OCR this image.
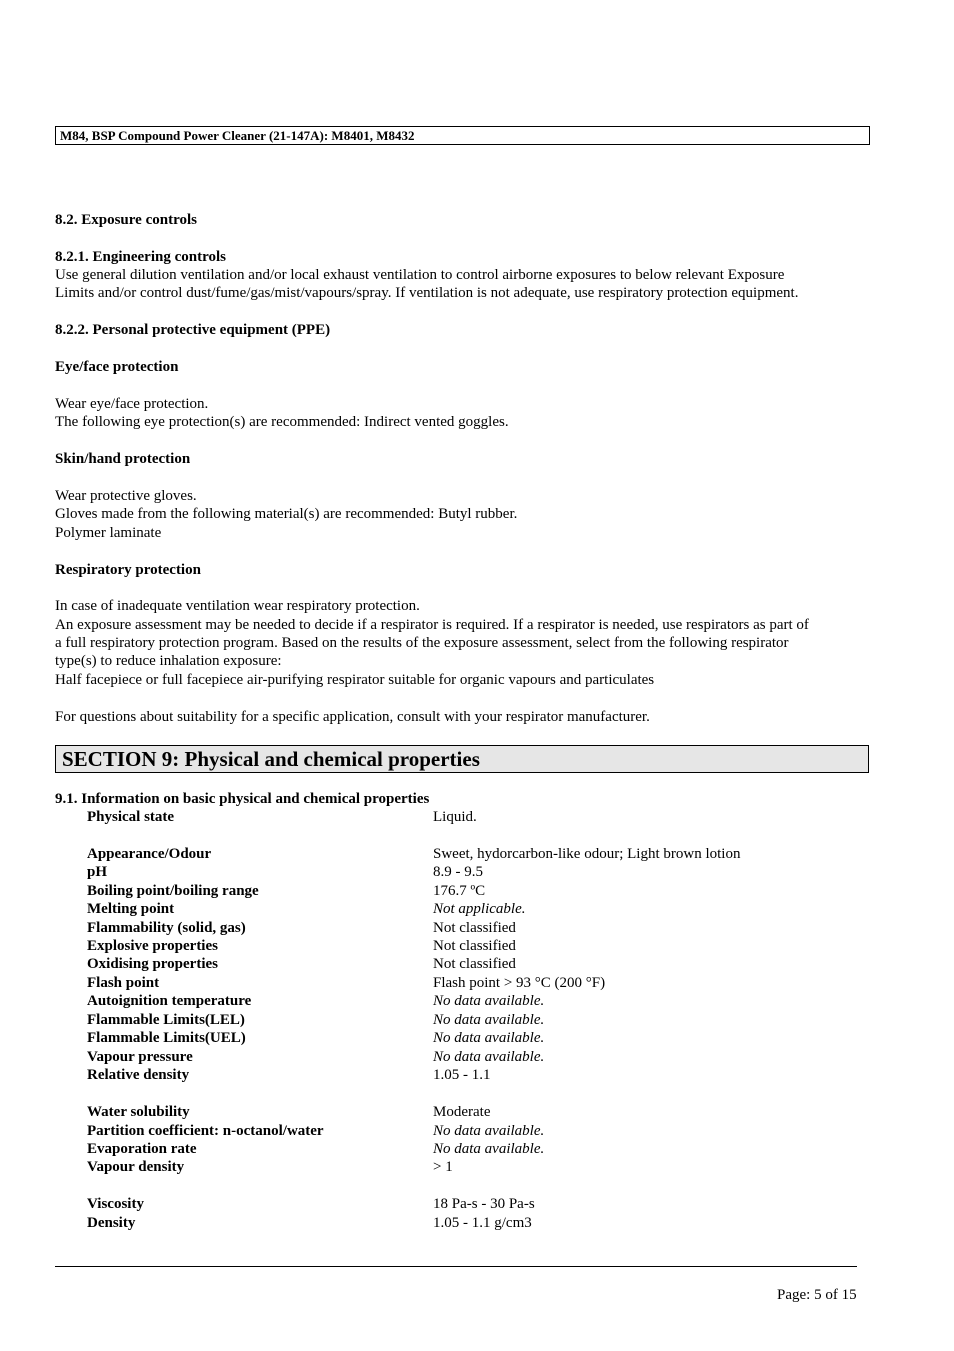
M84, BSP Compound Power Cleaner (21-147A): M8401, M8432
8.2. Exposure controls
8.2.1. Engineering controls
Use general dilution ventilation and/or local exhaust ventilation to control airborne exposures to below relevant Exposure
Limits and/or control dust/fume/gas/mist/vapours/spray. If ventilation is not adequate, use respiratory protection equipment.
8.2.2. Personal protective equipment (PPE)
Eye/face protection
Wear eye/face protection.
The following eye protection(s) are recommended: Indirect vented goggles.
Skin/hand protection
Wear protective gloves.
Gloves made from the following material(s) are recommended: Butyl rubber.
Polymer laminate
Respiratory protection
In case of inadequate ventilation wear respiratory protection.
An exposure assessment may be needed to decide if a respirator is required. If a respirator is needed, use respirators as part of
a full respiratory protection program. Based on the results of the exposure assessment, select from the following respirator
type(s) to reduce inhalation exposure:
Half facepiece or full facepiece air-purifying respirator suitable for organic vapours and particulates
For questions about suitability for a specific application, consult with your respirator manufacturer.
SECTION 9: Physical and chemical properties
9.1. Information on basic physical and chemical properties
Physical state	Liquid.
Appearance/Odour	Sweet, hydorcarbon-like odour; Light brown lotion
pH	8.9 - 9.5
Boiling point/boiling range	176.7 ºC
Melting point	Not applicable.
Flammability (solid, gas)	Not classified
Explosive properties	Not classified
Oxidising properties	Not classified
Flash point	Flash point > 93 °C (200 °F)
Autoignition temperature	No data available.
Flammable Limits(LEL)	No data available.
Flammable Limits(UEL)	No data available.
Vapour pressure	No data available.
Relative density	1.05 - 1.1
Water solubility	Moderate
Partition coefficient: n-octanol/water	No data available.
Evaporation rate	No data available.
Vapour density	> 1
Viscosity	18 Pa-s - 30 Pa-s
Density	1.05 - 1.1 g/cm3
Page: 5 of 15
